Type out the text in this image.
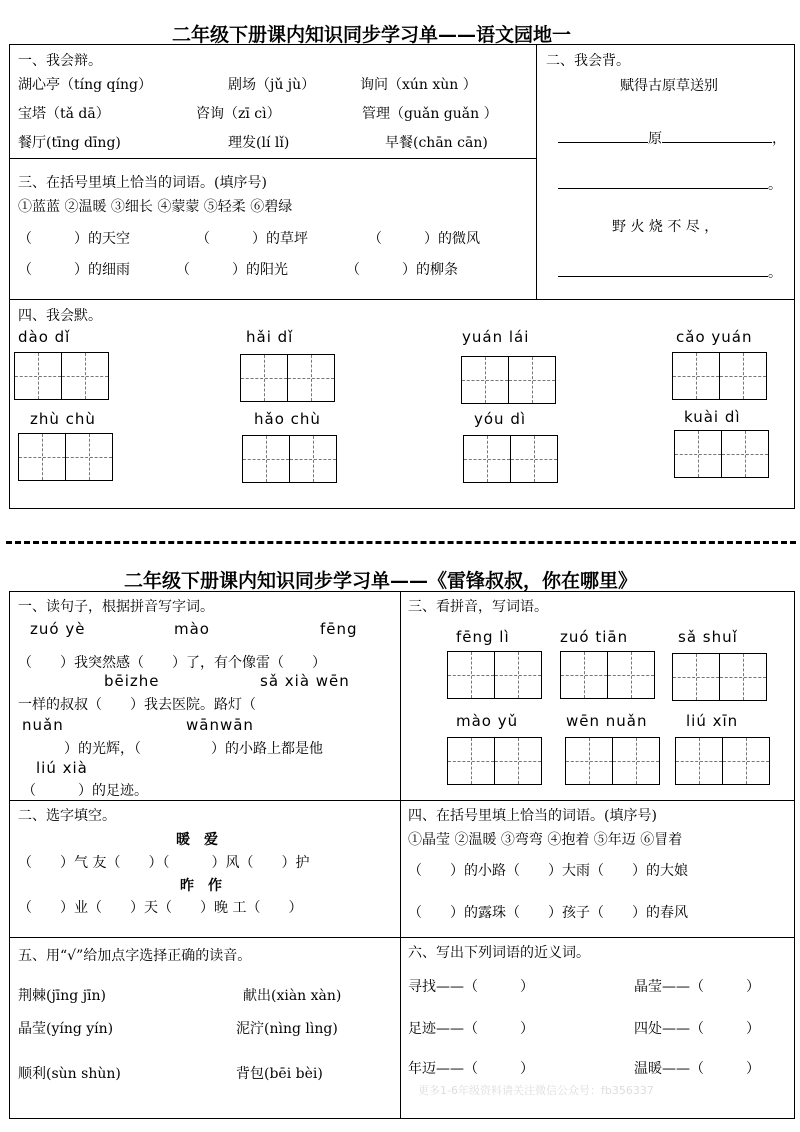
二年级下册课内知识同步学习单——语文园地一
一、我会辩。
湖心亭（tíng qíng）	剧场（jǔ jù）	询问（xún xùn ）
宝塔（tǎ dā）	咨询（zī cì）	管理（guǎn guǎn ）
餐厅(tīng dīng)	理发(lí lǐ)	早餐(chān cān)
二、我会背。
赋得古原草送别
原	，
。
野 火 烧 不 尽 ，
。
三、在括号里填上恰当的词语。(填序号)
①蓝蓝 ②温暖 ③细长 ④蒙蒙 ⑤轻柔 ⑥碧绿
（　　　）的天空	（　　　）的草坪	（　　　）的微风
（　　　）的细雨	（　　　）的阳光	（　　　）的柳条
四、我会默。
dào dǐ	hǎi dǐ	yuán lái	cǎo yuán
zhù chù	hǎo chù	yóu dì	kuài dì
二年级下册课内知识同步学习单——《雷锋叔叔，你在哪里》
一、读句子，根据拼音写字词。
zuó yè	mào	fēng
（　　）我突然感（　　）了，有个像雷（　　）
bēizhe	sǎ xià wēn
一样的叔叔（　　）我去医院。路灯（
nuǎn	wānwān
　　　）的光辉，（　　　　　）的小路上都是他
liú xià
（　　　）的足迹。
三、看拼音，写词语。
fēng lì	zuó tiān	sǎ shuǐ
mào yǔ	wēn nuǎn	liú xīn
二、选字填空。
暖　爱
（　　）气 友（　　）（　　　）风（　　）护
昨　作
（　　）业（　　）天（　　）晚 工（　　）
四、在括号里填上恰当的词语。(填序号)
①晶莹 ②温暖 ③弯弯 ④抱着 ⑤年迈 ⑥冒着
（　　）的小路（　　）大雨（　　）的大娘
（　　）的露珠（　　）孩子（　　）的春风
五、用“√”给加点字选择正确的读音。
荆棘(jīng jīn)	献出(xiàn xàn)
晶莹(yíng yín)	泥泞(nìng lìng)
顺利(sùn shùn)	背包(bēi bèi)
六、写出下列词语的近义词。
寻找——（　　　）	晶莹——（　　　）
足迹——（　　　）	四处——（　　　）
年迈——（　　　）	温暖——（　　　）
更多1-6年级资料请关注微信公众号：fb356337
